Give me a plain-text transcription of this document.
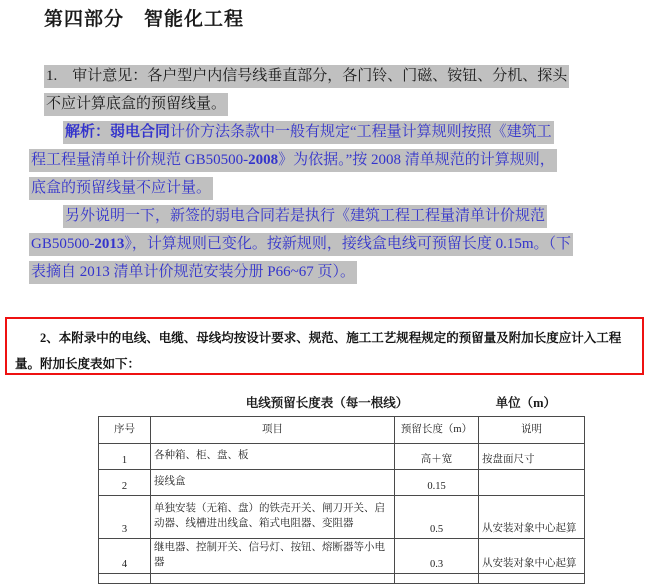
第四部分　智能化工程
1.　审计意见：各户型户内信号线垂直部分，各门铃、门磁、铵钮、分机、探头
不应计算底盒的预留线量。
解析：弱电合同计价方法条款中一般有规定“工程量计算规则按照《建筑工
程工程量清单计价规范 GB50500-2008》为依据。”按 2008 清单规范的计算规则，
底盒的预留线量不应计量。
另外说明一下，新签的弱电合同若是执行《建筑工程工程量清单计价规范
GB50500-2013》，计算规则已变化。按新规则，接线盒电线可预留长度 0.15m。（下
表摘自 2013 清单计价规范安装分册 P66~67 页）。

2、本附录中的电线、电缆、母线均按设计要求、规范、施工工艺规程规定的预留量及附加长度应计入工程量。附加长度表如下：

电线预留长度表（每一根线）	单位（m）
序号	项目	预留长度（m）	说明
1	各种箱、柜、盘、板	高＋宽	按盘面尺寸
2	接线盒	0.15	
3	单独安装（无箱、盘）的铁壳开关、闸刀开关、启动器、线槽进出线盒、箱式电阻器、变阻器	0.5	从安装对象中心起算
4	继电器、控制开关、信号灯、按钮、熔断器等小电器	0.3	从安装对象中心起算
